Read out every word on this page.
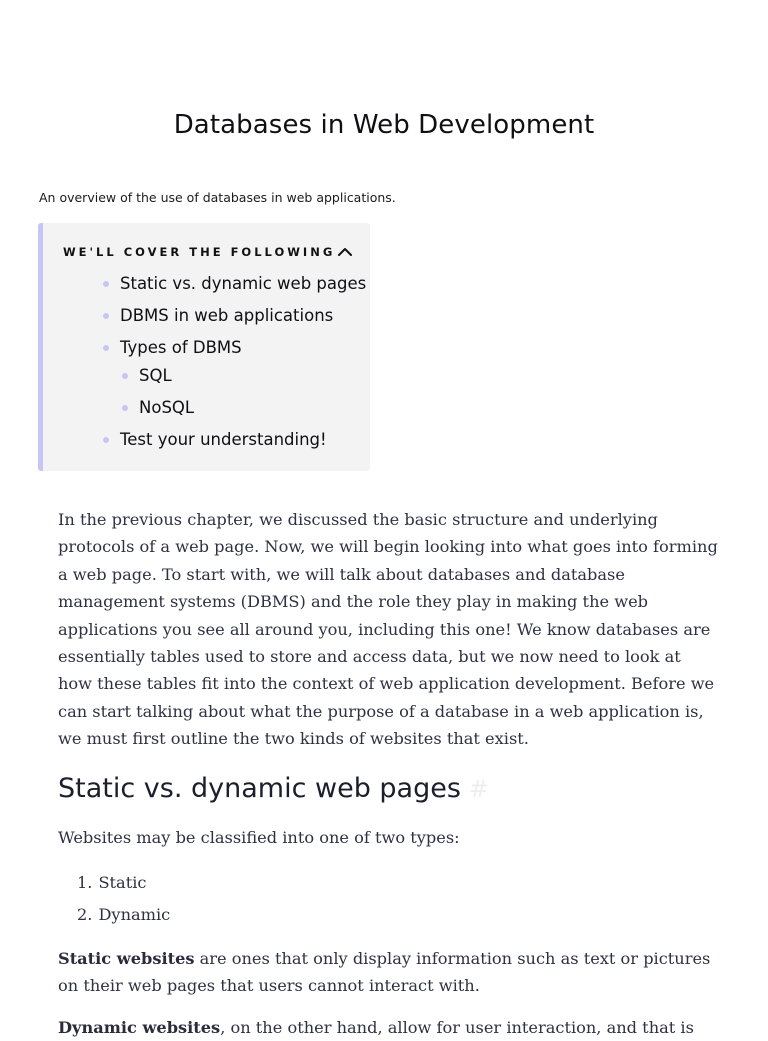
Databases in Web Development
An overview of the use of databases in web applications.
WE'LL COVER THE FOLLOWING
Static vs. dynamic web pages
DBMS in web applications
Types of DBMS
SQL
NoSQL
Test your understanding!

In the previous chapter, we discussed the basic structure and underlying protocols of a web page. Now, we will begin looking into what goes into forming a web page. To start with, we will talk about databases and database management systems (DBMS) and the role they play in making the web applications you see all around you, including this one! We know databases are essentially tables used to store and access data, but we now need to look at how these tables fit into the context of web application development. Before we can start talking about what the purpose of a database in a web application is, we must first outline the two kinds of websites that exist.

Static vs. dynamic web pages #

Websites may be classified into one of two types:

1. Static
2. Dynamic

Static websites are ones that only display information such as text or pictures on their web pages that users cannot interact with.

Dynamic websites, on the other hand, allow for user interaction, and that is
